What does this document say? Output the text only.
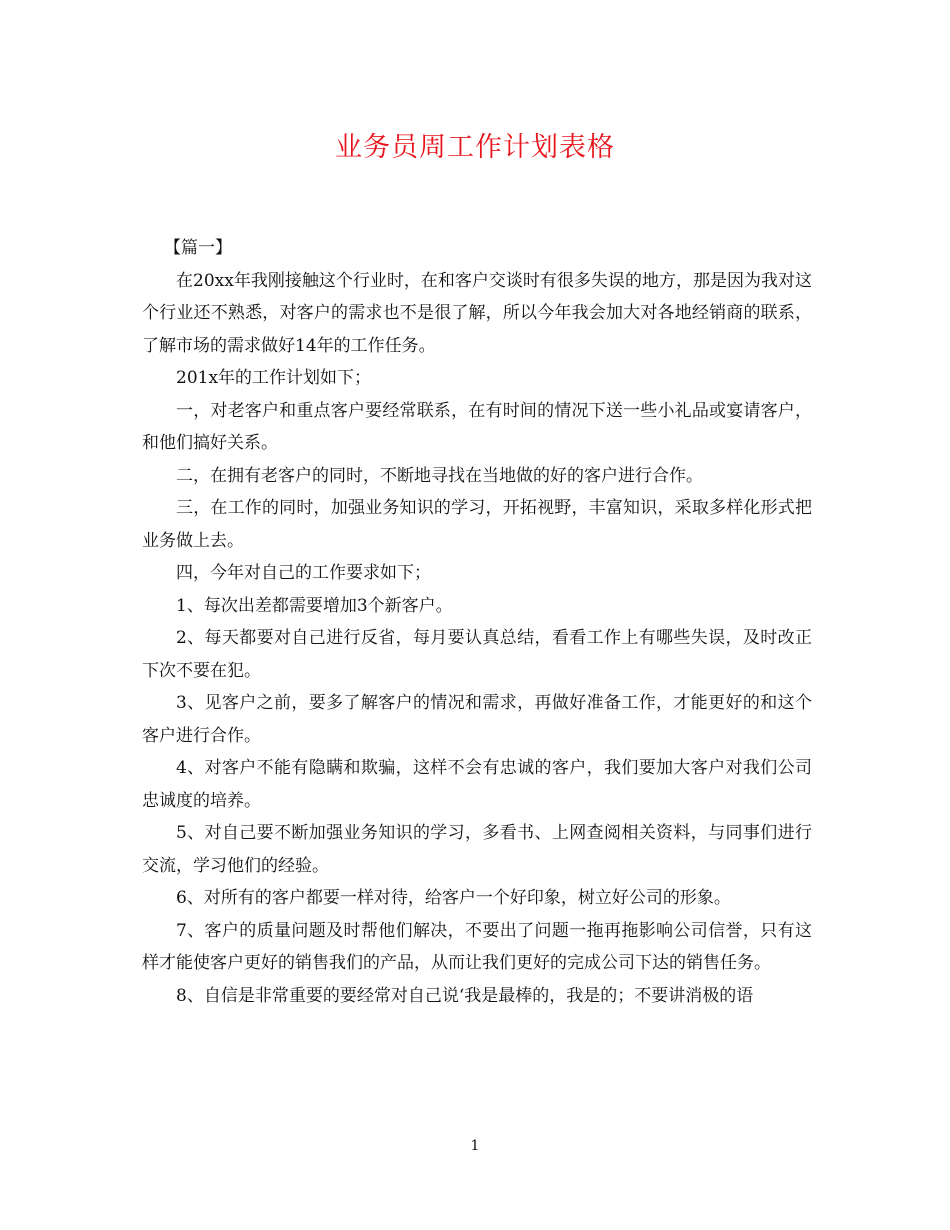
业务员周工作计划表格

【篇一】

在20xx年我刚接触这个行业时，在和客户交谈时有很多失误的地方，那是因为我对这个行业还不熟悉，对客户的需求也不是很了解，所以今年我会加大对各地经销商的联系，了解市场的需求做好14年的工作任务。

201x年的工作计划如下；

一，对老客户和重点客户要经常联系，在有时间的情况下送一些小礼品或宴请客户，和他们搞好关系。

二，在拥有老客户的同时，不断地寻找在当地做的好的客户进行合作。

三，在工作的同时，加强业务知识的学习，开拓视野，丰富知识，采取多样化形式把业务做上去。

四，今年对自己的工作要求如下；

1、每次出差都需要增加3个新客户。

2、每天都要对自己进行反省，每月要认真总结，看看工作上有哪些失误，及时改正下次不要在犯。

3、见客户之前，要多了解客户的情况和需求，再做好准备工作，才能更好的和这个客户进行合作。

4、对客户不能有隐瞒和欺骗，这样不会有忠诚的客户，我们要加大客户对我们公司忠诚度的培养。

5、对自己要不断加强业务知识的学习，多看书、上网查阅相关资料，与同事们进行交流，学习他们的经验。

6、对所有的客户都要一样对待，给客户一个好印象，树立好公司的形象。

7、客户的质量问题及时帮他们解决，不要出了问题一拖再拖影响公司信誉，只有这样才能使客户更好的销售我们的产品，从而让我们更好的完成公司下达的销售任务。

8、自信是非常重要的要经常对自己说‘我是最棒的，我是的；不要讲消极的语

1
